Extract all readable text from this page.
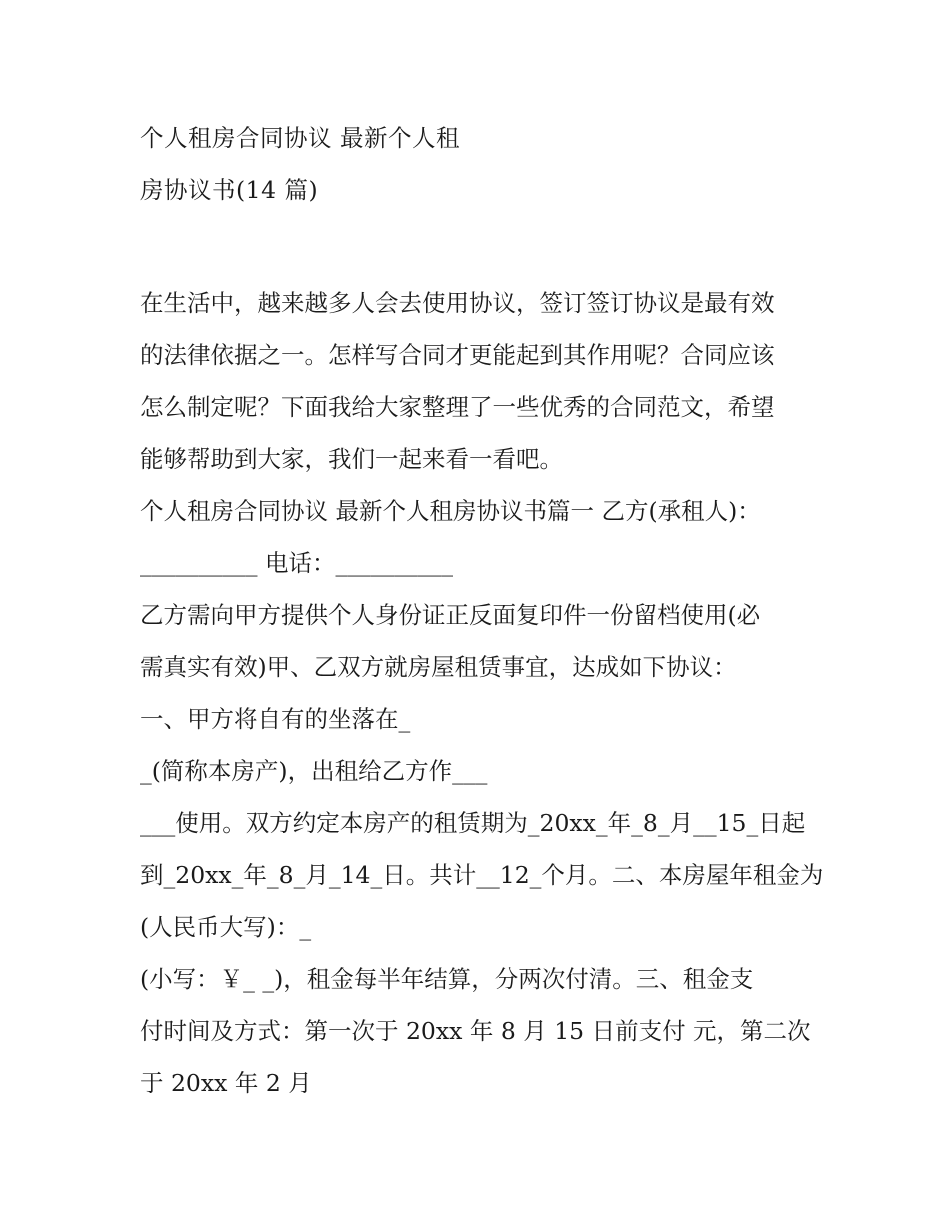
个人租房合同协议 最新个人租
房协议书(14 篇)
在生活中，越来越多人会去使用协议，签订签订协议是最有效
的法律依据之一。怎样写合同才更能起到其作用呢？合同应该
怎么制定呢？下面我给大家整理了一些优秀的合同范文，希望
能够帮助到大家，我们一起来看一看吧。
个人租房合同协议 最新个人租房协议书篇一 乙方(承租人)：
__________ 电话：__________
乙方需向甲方提供个人身份证正反面复印件一份留档使用(必
需真实有效)甲、乙双方就房屋租赁事宜，达成如下协议：
一、甲方将自有的坐落在_
_(简称本房产)，出租给乙方作___
___使用。双方约定本房产的租赁期为_20xx_年_8_月__15_日起
到_20xx_年_8_月_14_日。共计__12_个月。二、本房屋年租金为
(人民币大写)：_
(小写：￥_ _)，租金每半年结算，分两次付清。三、租金支
付时间及方式：第一次于 20xx 年 8 月 15 日前支付 元，第二次
于 20xx 年 2 月
